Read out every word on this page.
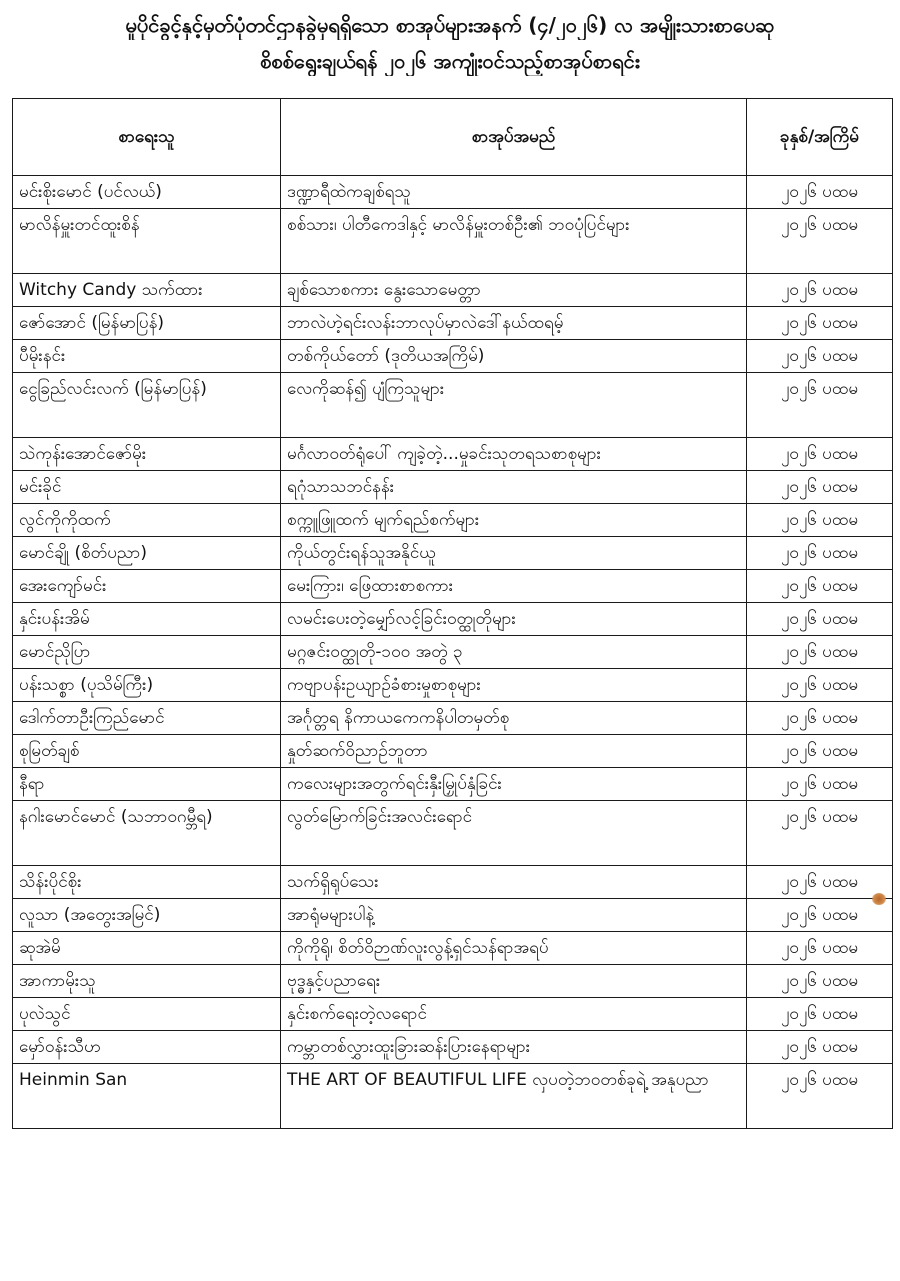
မူပိုင်ခွင့်နှင့်မှတ်ပုံတင်ဌာနခွဲမှရရှိသော စာအုပ်များအနက် (၄/၂၀၂၆) လ အမျိုးသားစာပေဆု
စိစစ်ရွေးချယ်ရန် ၂၀၂၆ အကျုံးဝင်သည့်စာအုပ်စာရင်း
စာရေးသူ	စာအုပ်အမည်	ခုနှစ်/အကြိမ်
မင်းစိုးမောင် (ပင်လယ်)	ဒဏ္ဍာရီထဲကချစ်ရသူ	၂၀၂၆ ပထမ
မာလိန်မှူးတင်ထူးစိန်	စစ်သား၊ ပါတီကေဒါနှင့် မာလိန်မှူးတစ်ဦး၏ ဘဝပုံပြင်များ	၂၀၂၆ ပထမ
Witchy Candy သက်ထား	ချစ်သောစကား နွေးသောမေတ္တာ	၂၀၂၆ ပထမ
ဇော်အောင် (မြန်မာပြန်)	ဘာလဲဟဲ့ရင်းလန်းဘာလုပ်မှာလဲဒေါ်နယ်ထရမ့်	၂၀၂၆ ပထမ
ပီမိုးနင်း	တစ်ကိုယ်တော် (ဒုတိယအကြိမ်)	၂၀၂၆ ပထမ
ငွေခြည်လင်းလက် (မြန်မာပြန်)	လေကိုဆန်၍ ပျံကြသူများ	၂၀၂၆ ပထမ
သဲကုန်းအောင်ဇော်မိုး	မင်္ဂလာဝတ်ရုံပေါ် ကျခဲ့တဲ့...မှုခင်းသုတရသစာစုများ	၂၀၂၆ ပထမ
မင်းခိုင်	ရဂုံသာသဘင်နန်း	၂၀၂၆ ပထမ
လွင်ကိုကိုထက်	စက္ကူဖြူထက် မျက်ရည်စက်များ	၂၀၂၆ ပထမ
မောင်ချို (စိတ်ပညာ)	ကိုယ်တွင်းရန်သူအနိုင်ယူ	၂၀၂၆ ပထမ
အေးကျော်မင်း	မေးကြား၊ ဖြေထားစာစကား	၂၀၂၆ ပထမ
နှင်းပန်းအိမ်	လမင်းပေးတဲ့မျှော်လင့်ခြင်းဝတ္ထုတိုများ	၂၀၂၆ ပထမ
မောင်ညိုပြာ	မဂ္ဂဇင်းဝတ္ထုတို-၁၀၀ အတွဲ ၃	၂၀၂၆ ပထမ
ပန်းသစ္စာ (ပုသိမ်ကြီး)	ကဗျာပန်းဥယျာဉ်ခံစားမှုစာစုများ	၂၀၂၆ ပထမ
ဒေါက်တာဦးကြည်မောင်	အင်္ဂုတ္တရ နိကာယကေကနိပါတမှတ်စု	၂၀၂၆ ပထမ
စုမြတ်ချစ်	နှုတ်ဆက်ဝိညာဉ်ဘူတာ	၂၀၂၆ ပထမ
နီရာ	ကလေးများအတွက်ရင်းနှီးမြှုပ်နှံခြင်း	၂၀၂၆ ပထမ
နဂါးမောင်မောင် (သဘာဝဂမ္ဘီရ)	လွတ်မြောက်ခြင်းအလင်းရောင်	၂၀၂၆ ပထမ
သိန်းပိုင်စိုး	သက်ရှိရုပ်သေး	၂၀၂၆ ပထမ
လူသာ (အတွေးအမြင်)	အာရုံမများပါနဲ့	၂၀၂၆ ပထမ
ဆုအဲမိ	ကိုကိုရို၊ စိတ်ဝိဉာဏ်လူးလွန့်ရှင်သန်ရာအရပ်	၂၀၂၆ ပထမ
အာကာမိုးသူ	ဗုဒ္ဓနှင့်ပညာရေး	၂၀၂၆ ပထမ
ပုလဲသွင်	နှင်းစက်ရေးတဲ့လရောင်	၂၀၂၆ ပထမ
မှော်ဝန်းသီဟ	ကမ္ဘာတစ်လွှားထူးခြားဆန်းပြားနေရာများ	၂၀၂၆ ပထမ
Heinmin San	THE ART OF BEAUTIFUL LIFE လှပတဲ့ဘဝတစ်ခုရဲ့ အနုပညာ	၂၀၂၆ ပထမ
